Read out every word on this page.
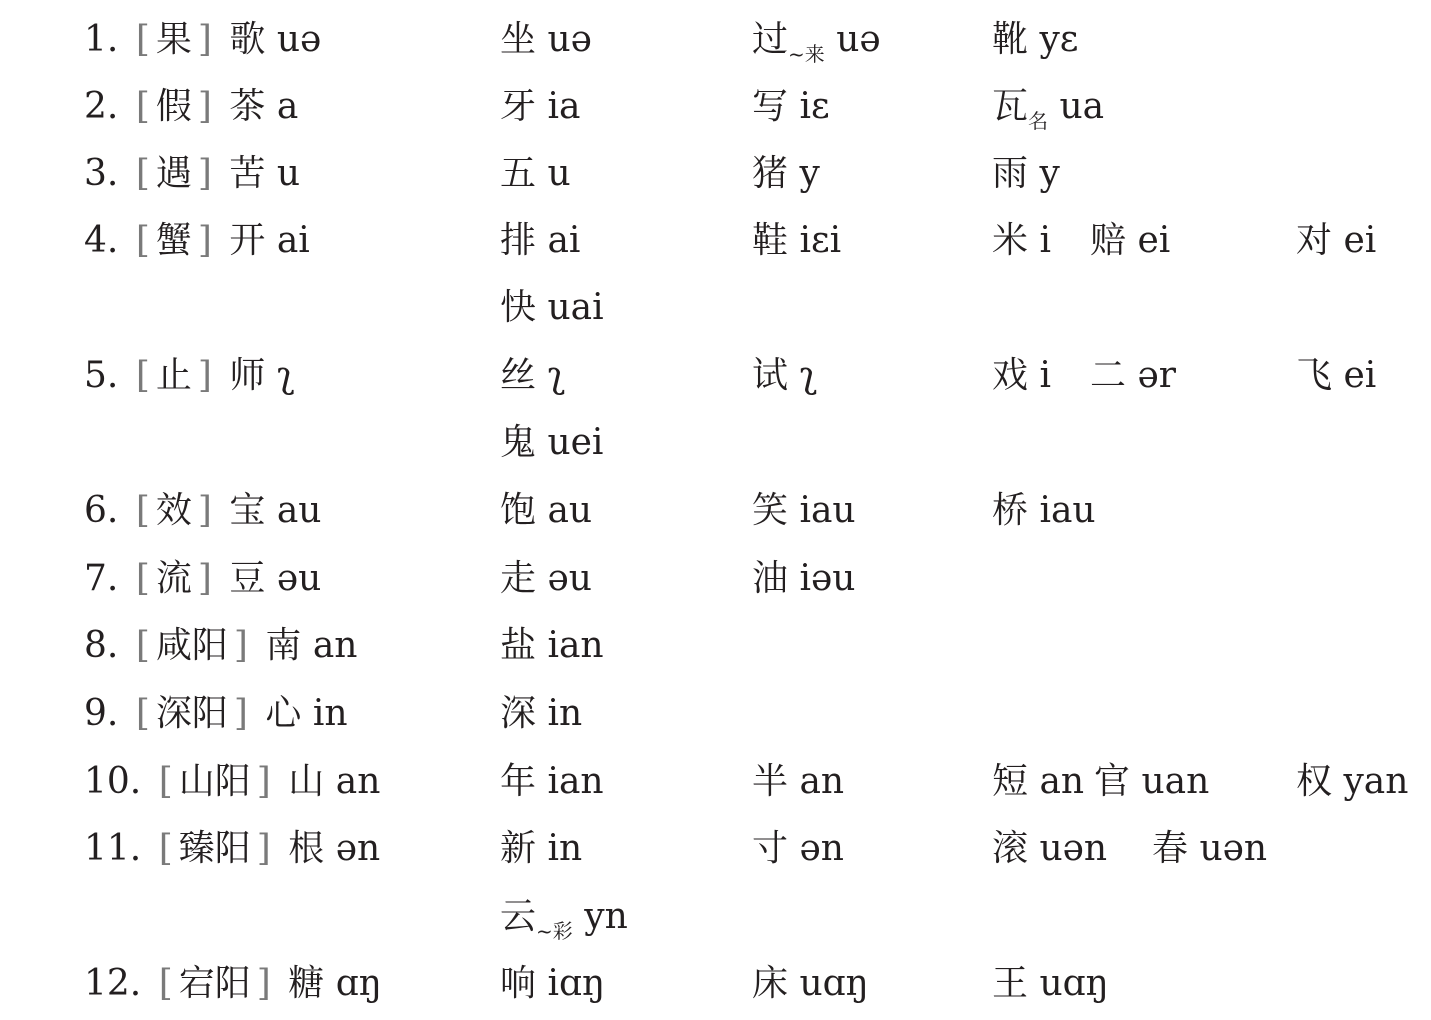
1. [ 果 ] 歌 uə	坐 uə	过$_{\sim 来}$ uə	靴 yɛ
2. [ 假 ] 茶 a	牙 ia	写 iɛ	瓦$_名$ ua
3. [ 遇 ] 苦 u	五 u	猪 y	雨 y
4. [ 蟹 ] 开 ai	排 ai	鞋 iɛi	米 i 赔 ei	对 ei
快 uai
5. [ 止 ] 师 ʅ	丝 ʅ	试 ʅ	戏 i 二 ər	飞 ei
鬼 uei
6. [ 效 ] 宝 au	饱 au	笑 iau	桥 iau
7. [ 流 ] 豆 əu	走 əu	油 iəu
8. [ 咸阳 ] 南 an	盐 ian
9. [ 深阳 ] 心 in	深 in
10. [ 山阳 ] 山 an	年 ian	半 an	短 an 官 uan 权 yan
11. [ 臻阳 ] 根 ən	新 in	寸 ən	滚 uən 春 uən
云$_{\sim 彩}$ yn
12. [ 宕阳 ] 糖 ɑŋ	响 iɑŋ	床 uɑŋ	王 uɑŋ
